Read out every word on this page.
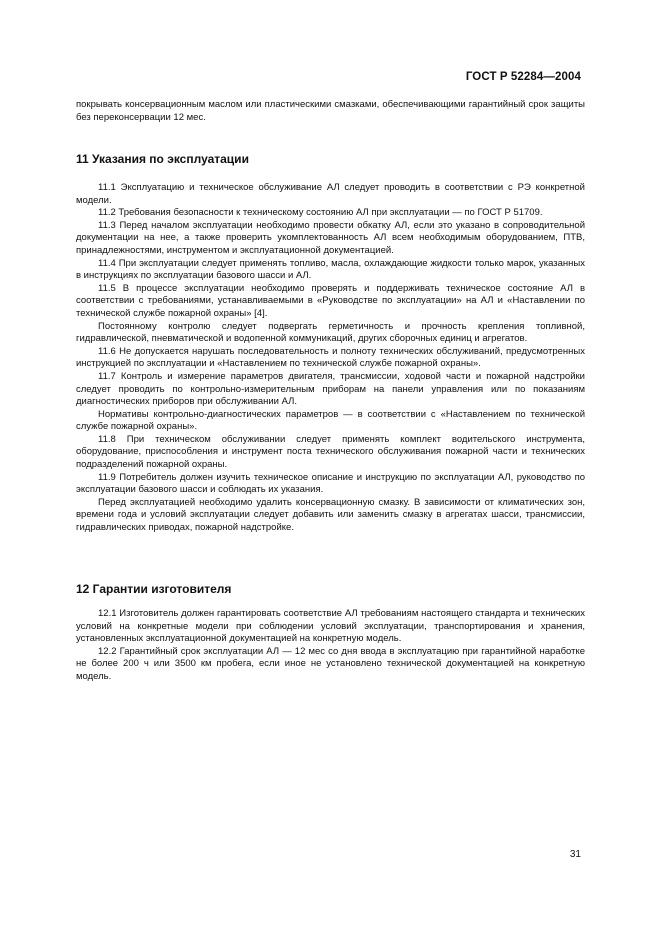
ГОСТ Р 52284—2004

покрывать консервационным маслом или пластическими смазками, обеспечивающими гарантийный срок защиты без переконсервации 12 мес.

11 Указания по эксплуатации

11.1 Эксплуатацию и техническое обслуживание АЛ следует проводить в соответствии с РЭ конкретной модели.

11.2 Требования безопасности к техническому состоянию АЛ при эксплуатации — по ГОСТ Р 51709.

11.3 Перед началом эксплуатации необходимо провести обкатку АЛ, если это указано в сопроводительной документации на нее, а также проверить укомплектованность АЛ всем необходимым оборудованием, ПТВ, принадлежностями, инструментом и эксплуатационной документацией.

11.4 При эксплуатации следует применять топливо, масла, охлаждающие жидкости только марок, указанных в инструкциях по эксплуатации базового шасси и АЛ.

11.5 В процессе эксплуатации необходимо проверять и поддерживать техническое состояние АЛ в соответствии с требованиями, устанавливаемыми в «Руководстве по эксплуатации» на АЛ и «Наставлении по технической службе пожарной охраны» [4].

Постоянному контролю следует подвергать герметичность и прочность крепления топливной, гидравлической, пневматической и водопенной коммуникаций, других сборочных единиц и агрегатов.

11.6 Не допускается нарушать последовательность и полноту технических обслуживаний, предусмотренных инструкцией по эксплуатации и «Наставлением по технической службе пожарной охраны».

11.7 Контроль и измерение параметров двигателя, трансмиссии, ходовой части и пожарной надстройки следует проводить по контрольно-измерительным приборам на панели управления или по показаниям диагностических приборов при обслуживании АЛ.

Нормативы контрольно-диагностических параметров — в соответствии с «Наставлением по технической службе пожарной охраны».

11.8 При техническом обслуживании следует применять комплект водительского инструмента, оборудование, приспособления и инструмент поста технического обслуживания пожарной части и технических подразделений пожарной охраны.

11.9 Потребитель должен изучить техническое описание и инструкцию по эксплуатации АЛ, руководство по эксплуатации базового шасси и соблюдать их указания.

Перед эксплуатацией необходимо удалить консервационную смазку. В зависимости от климатических зон, времени года и условий эксплуатации следует добавить или заменить смазку в агрегатах шасси, трансмиссии, гидравлических приводах, пожарной надстройке.

12 Гарантии изготовителя

12.1 Изготовитель должен гарантировать соответствие АЛ требованиям настоящего стандарта и технических условий на конкретные модели при соблюдении условий эксплуатации, транспортирования и хранения, установленных эксплуатационной документацией на конкретную модель.

12.2 Гарантийный срок эксплуатации АЛ — 12 мес со дня ввода в эксплуатацию при гарантийной наработке не более 200 ч или 3500 км пробега, если иное не установлено технической документацией на конкретную модель.

31
